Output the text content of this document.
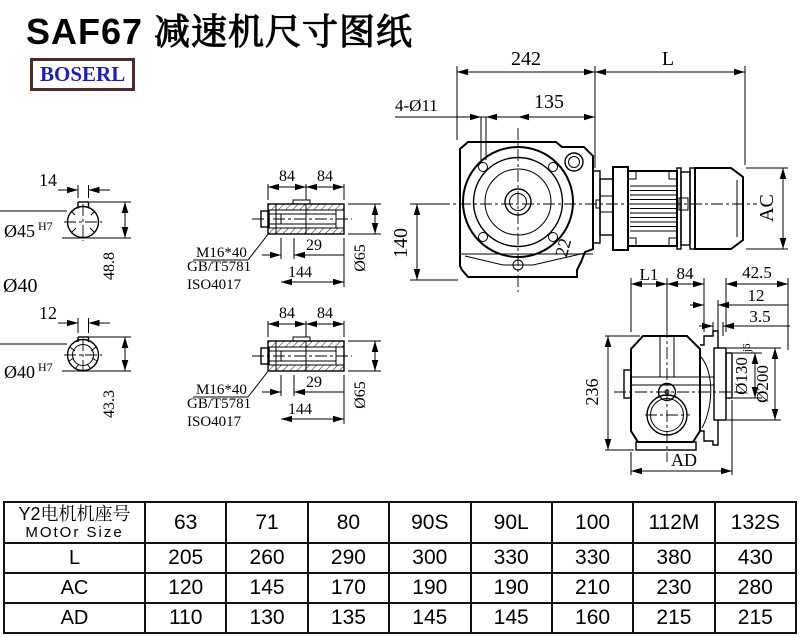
SAF67 减速机尺寸图纸
BOSERL
242	L
4-Ø11	135
140	22
AC
L1 84	42.5
12
3.5
236	Ø130
j6
Ø200
AD
14
Ø45 H7
48.8
Ø40
12
Ø40 H7
43.3
84 84
29
144
Ø65
M16*40
GB/T5781
ISO4017
84 84
29
144
Ø65
M16*40
GB/T5781
ISO4017
Y2电机机座号
MOtOr Size	63	71	80	90S	90L	100	112M	132S
L	205	260	290	300	330	330	380	430
AC	120	145	170	190	190	210	230	280
AD	110	130	135	145	145	160	215	215
